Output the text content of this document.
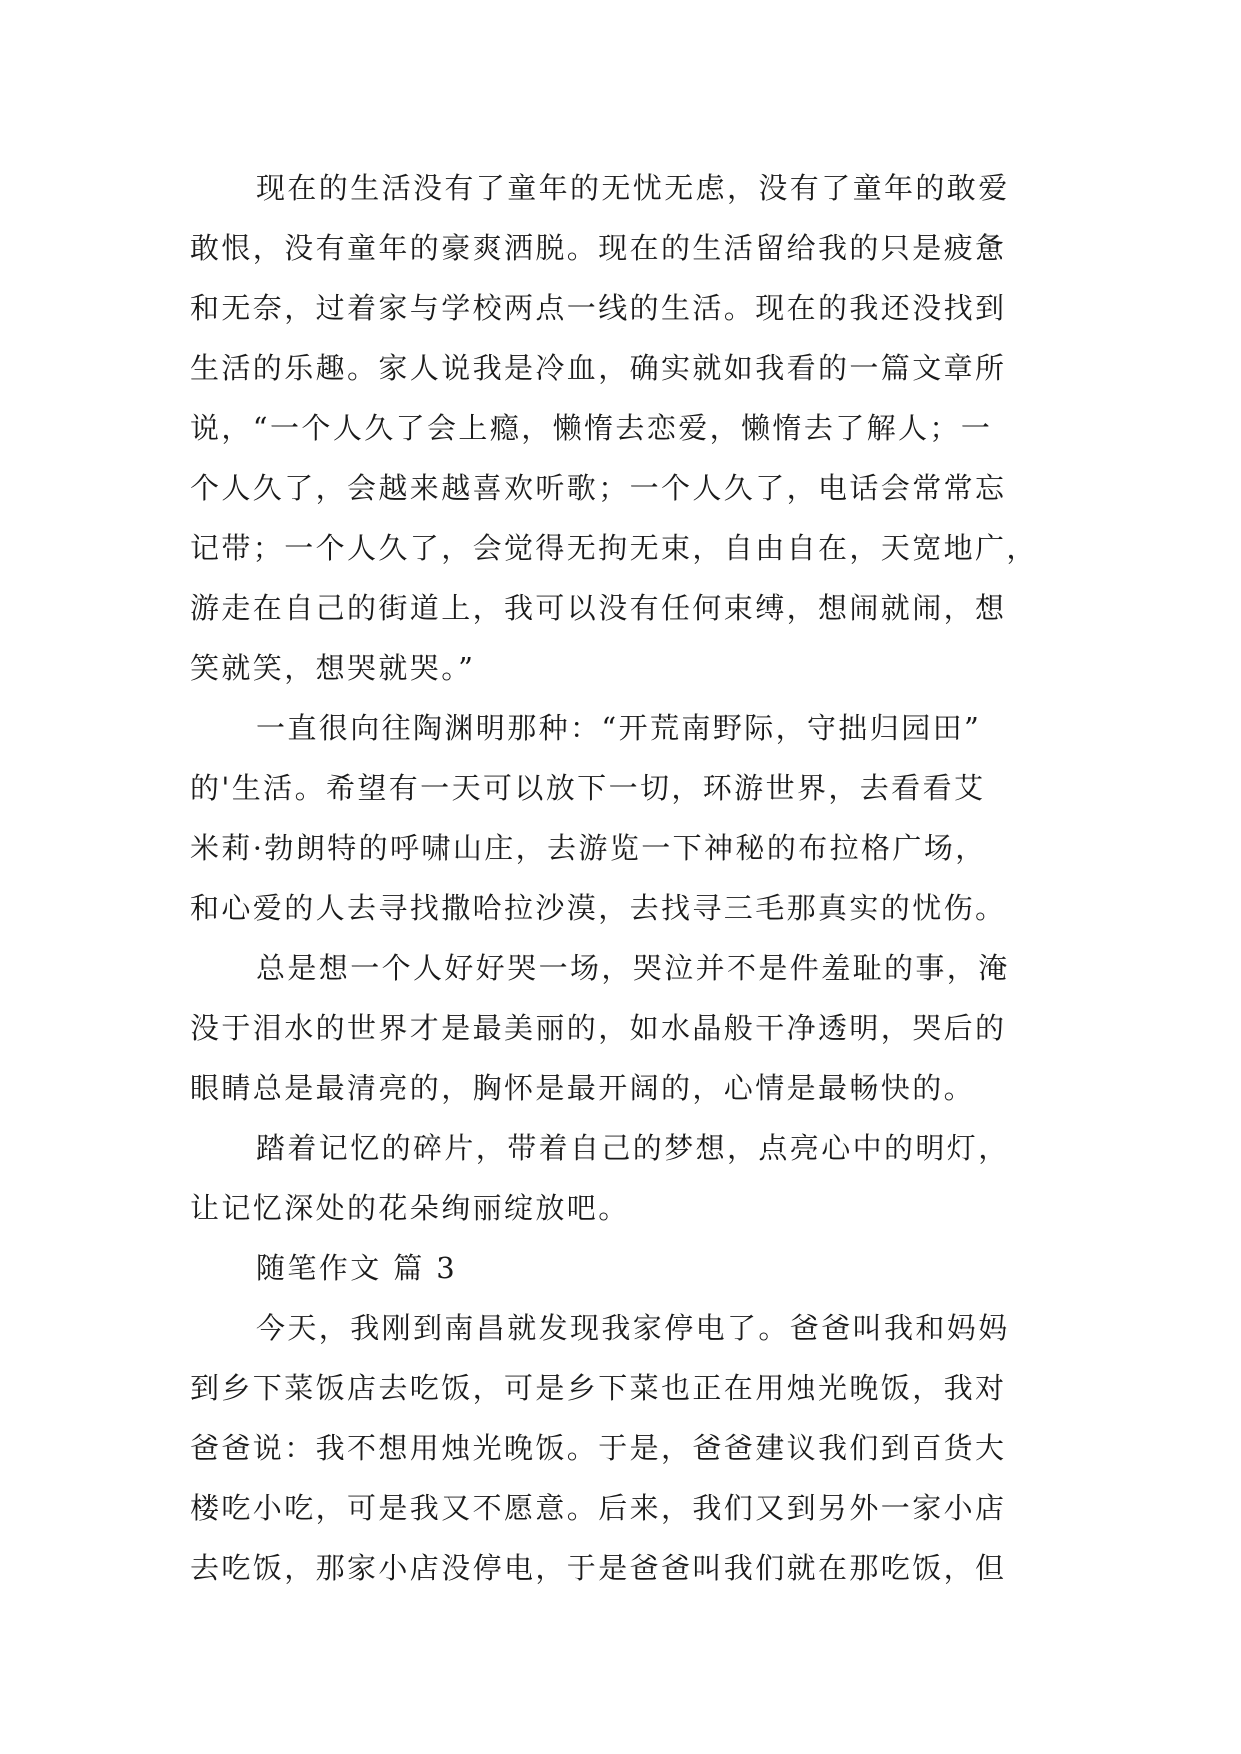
现在的生活没有了童年的无忧无虑，没有了童年的敢爱
敢恨，没有童年的豪爽洒脱。现在的生活留给我的只是疲惫
和无奈，过着家与学校两点一线的生活。现在的我还没找到
生活的乐趣。家人说我是冷血，确实就如我看的一篇文章所
说，“一个人久了会上瘾，懒惰去恋爱，懒惰去了解人；一
个人久了，会越来越喜欢听歌；一个人久了，电话会常常忘
记带；一个人久了，会觉得无拘无束，自由自在，天宽地广，
游走在自己的街道上，我可以没有任何束缚，想闹就闹，想
笑就笑，想哭就哭。”
一直很向往陶渊明那种：“开荒南野际，守拙归园田”
的'生活。希望有一天可以放下一切，环游世界，去看看艾
米莉·勃朗特的呼啸山庄，去游览一下神秘的布拉格广场，
和心爱的人去寻找撒哈拉沙漠，去找寻三毛那真实的忧伤。
总是想一个人好好哭一场，哭泣并不是件羞耻的事，淹
没于泪水的世界才是最美丽的，如水晶般干净透明，哭后的
眼睛总是最清亮的，胸怀是最开阔的，心情是最畅快的。
踏着记忆的碎片，带着自己的梦想，点亮心中的明灯，
让记忆深处的花朵绚丽绽放吧。
随笔作文 篇 3
今天，我刚到南昌就发现我家停电了。爸爸叫我和妈妈
到乡下菜饭店去吃饭，可是乡下菜也正在用烛光晚饭，我对
爸爸说：我不想用烛光晚饭。于是，爸爸建议我们到百货大
楼吃小吃，可是我又不愿意。后来，我们又到另外一家小店
去吃饭，那家小店没停电，于是爸爸叫我们就在那吃饭，但
